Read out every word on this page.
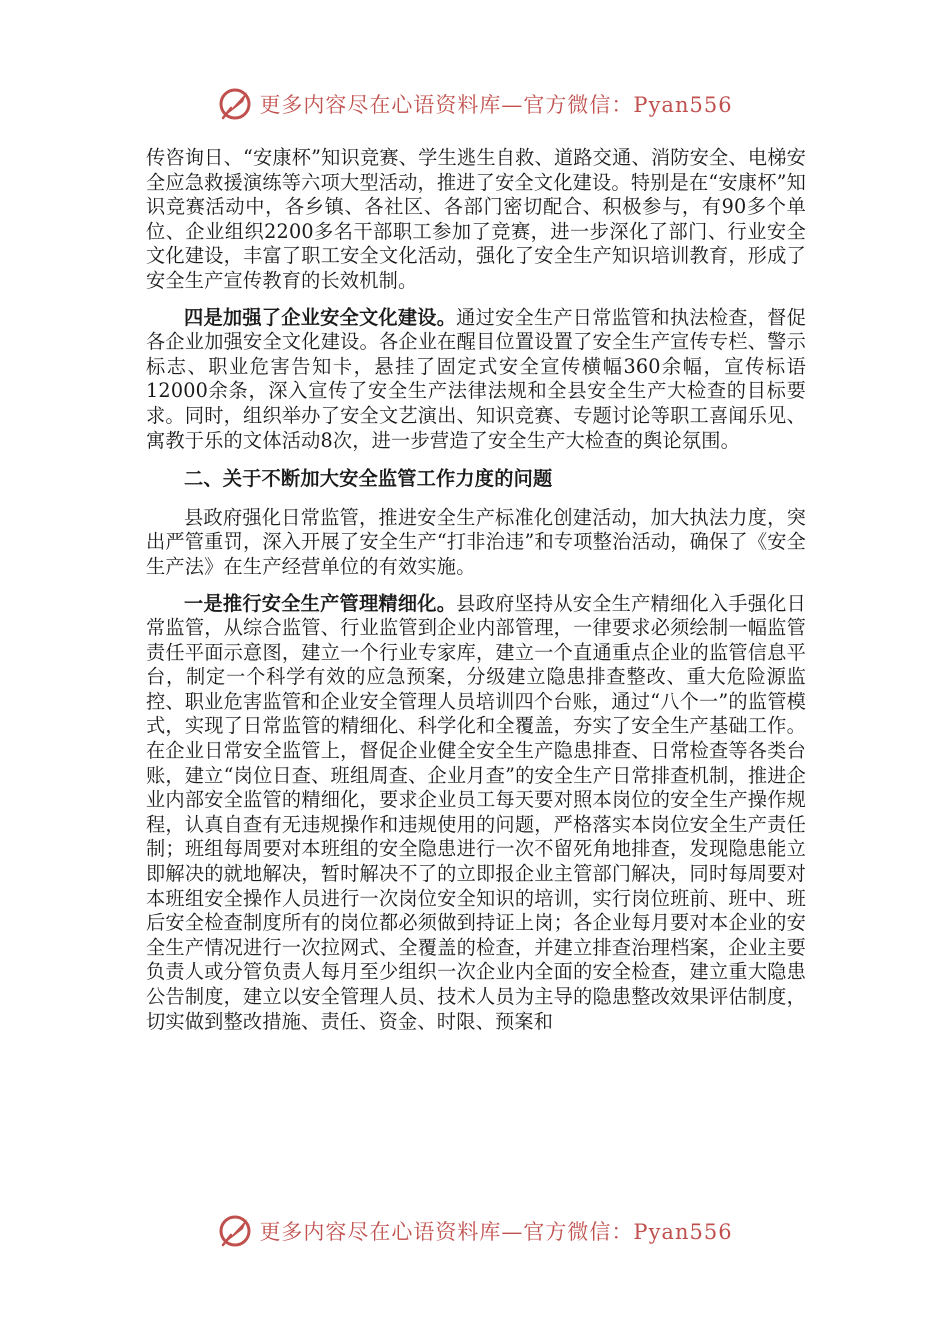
更多内容尽在心语资料库—官方微信：Pyan556

传咨询日、“安康杯”知识竞赛、学生逃生自救、道路交通、消防安全、电梯安全应急救援演练等六项大型活动，推进了安全文化建设。特别是在“安康杯”知识竞赛活动中，各乡镇、各社区、各部门密切配合、积极参与，有90多个单位、企业组织2200多名干部职工参加了竞赛，进一步深化了部门、行业安全文化建设，丰富了职工安全文化活动，强化了安全生产知识培训教育，形成了安全生产宣传教育的长效机制。

四是加强了企业安全文化建设。通过安全生产日常监管和执法检查，督促各企业加强安全文化建设。各企业在醒目位置设置了安全生产宣传专栏、警示标志、职业危害告知卡，悬挂了固定式安全宣传横幅360余幅，宣传标语12000余条，深入宣传了安全生产法律法规和全县安全生产大检查的目标要求。同时，组织举办了安全文艺演出、知识竞赛、专题讨论等职工喜闻乐见、寓教于乐的文体活动8次，进一步营造了安全生产大检查的舆论氛围。

二、关于不断加大安全监管工作力度的问题

县政府强化日常监管，推进安全生产标准化创建活动，加大执法力度，突出严管重罚，深入开展了安全生产“打非治违”和专项整治活动，确保了《安全生产法》在生产经营单位的有效实施。

一是推行安全生产管理精细化。县政府坚持从安全生产精细化入手强化日常监管，从综合监管、行业监管到企业内部管理，一律要求必须绘制一幅监管责任平面示意图，建立一个行业专家库，建立一个直通重点企业的监管信息平台，制定一个科学有效的应急预案，分级建立隐患排查整改、重大危险源监控、职业危害监管和企业安全管理人员培训四个台账，通过“八个一”的监管模式，实现了日常监管的精细化、科学化和全覆盖，夯实了安全生产基础工作。在企业日常安全监管上，督促企业健全安全生产隐患排查、日常检查等各类台账，建立“岗位日查、班组周查、企业月查”的安全生产日常排查机制，推进企业内部安全监管的精细化，要求企业员工每天要对照本岗位的安全生产操作规程，认真自查有无违规操作和违规使用的问题，严格落实本岗位安全生产责任制；班组每周要对本班组的安全隐患进行一次不留死角地排查，发现隐患能立即解决的就地解决，暂时解决不了的立即报企业主管部门解决，同时每周要对本班组安全操作人员进行一次岗位安全知识的培训，实行岗位班前、班中、班后安全检查制度所有的岗位都必须做到持证上岗；各企业每月要对本企业的安全生产情况进行一次拉网式、全覆盖的检查，并建立排查治理档案，企业主要负责人或分管负责人每月至少组织一次企业内全面的安全检查，建立重大隐患公告制度，建立以安全管理人员、技术人员为主导的隐患整改效果评估制度，切实做到整改措施、责任、资金、时限、预案和

更多内容尽在心语资料库—官方微信：Pyan556
